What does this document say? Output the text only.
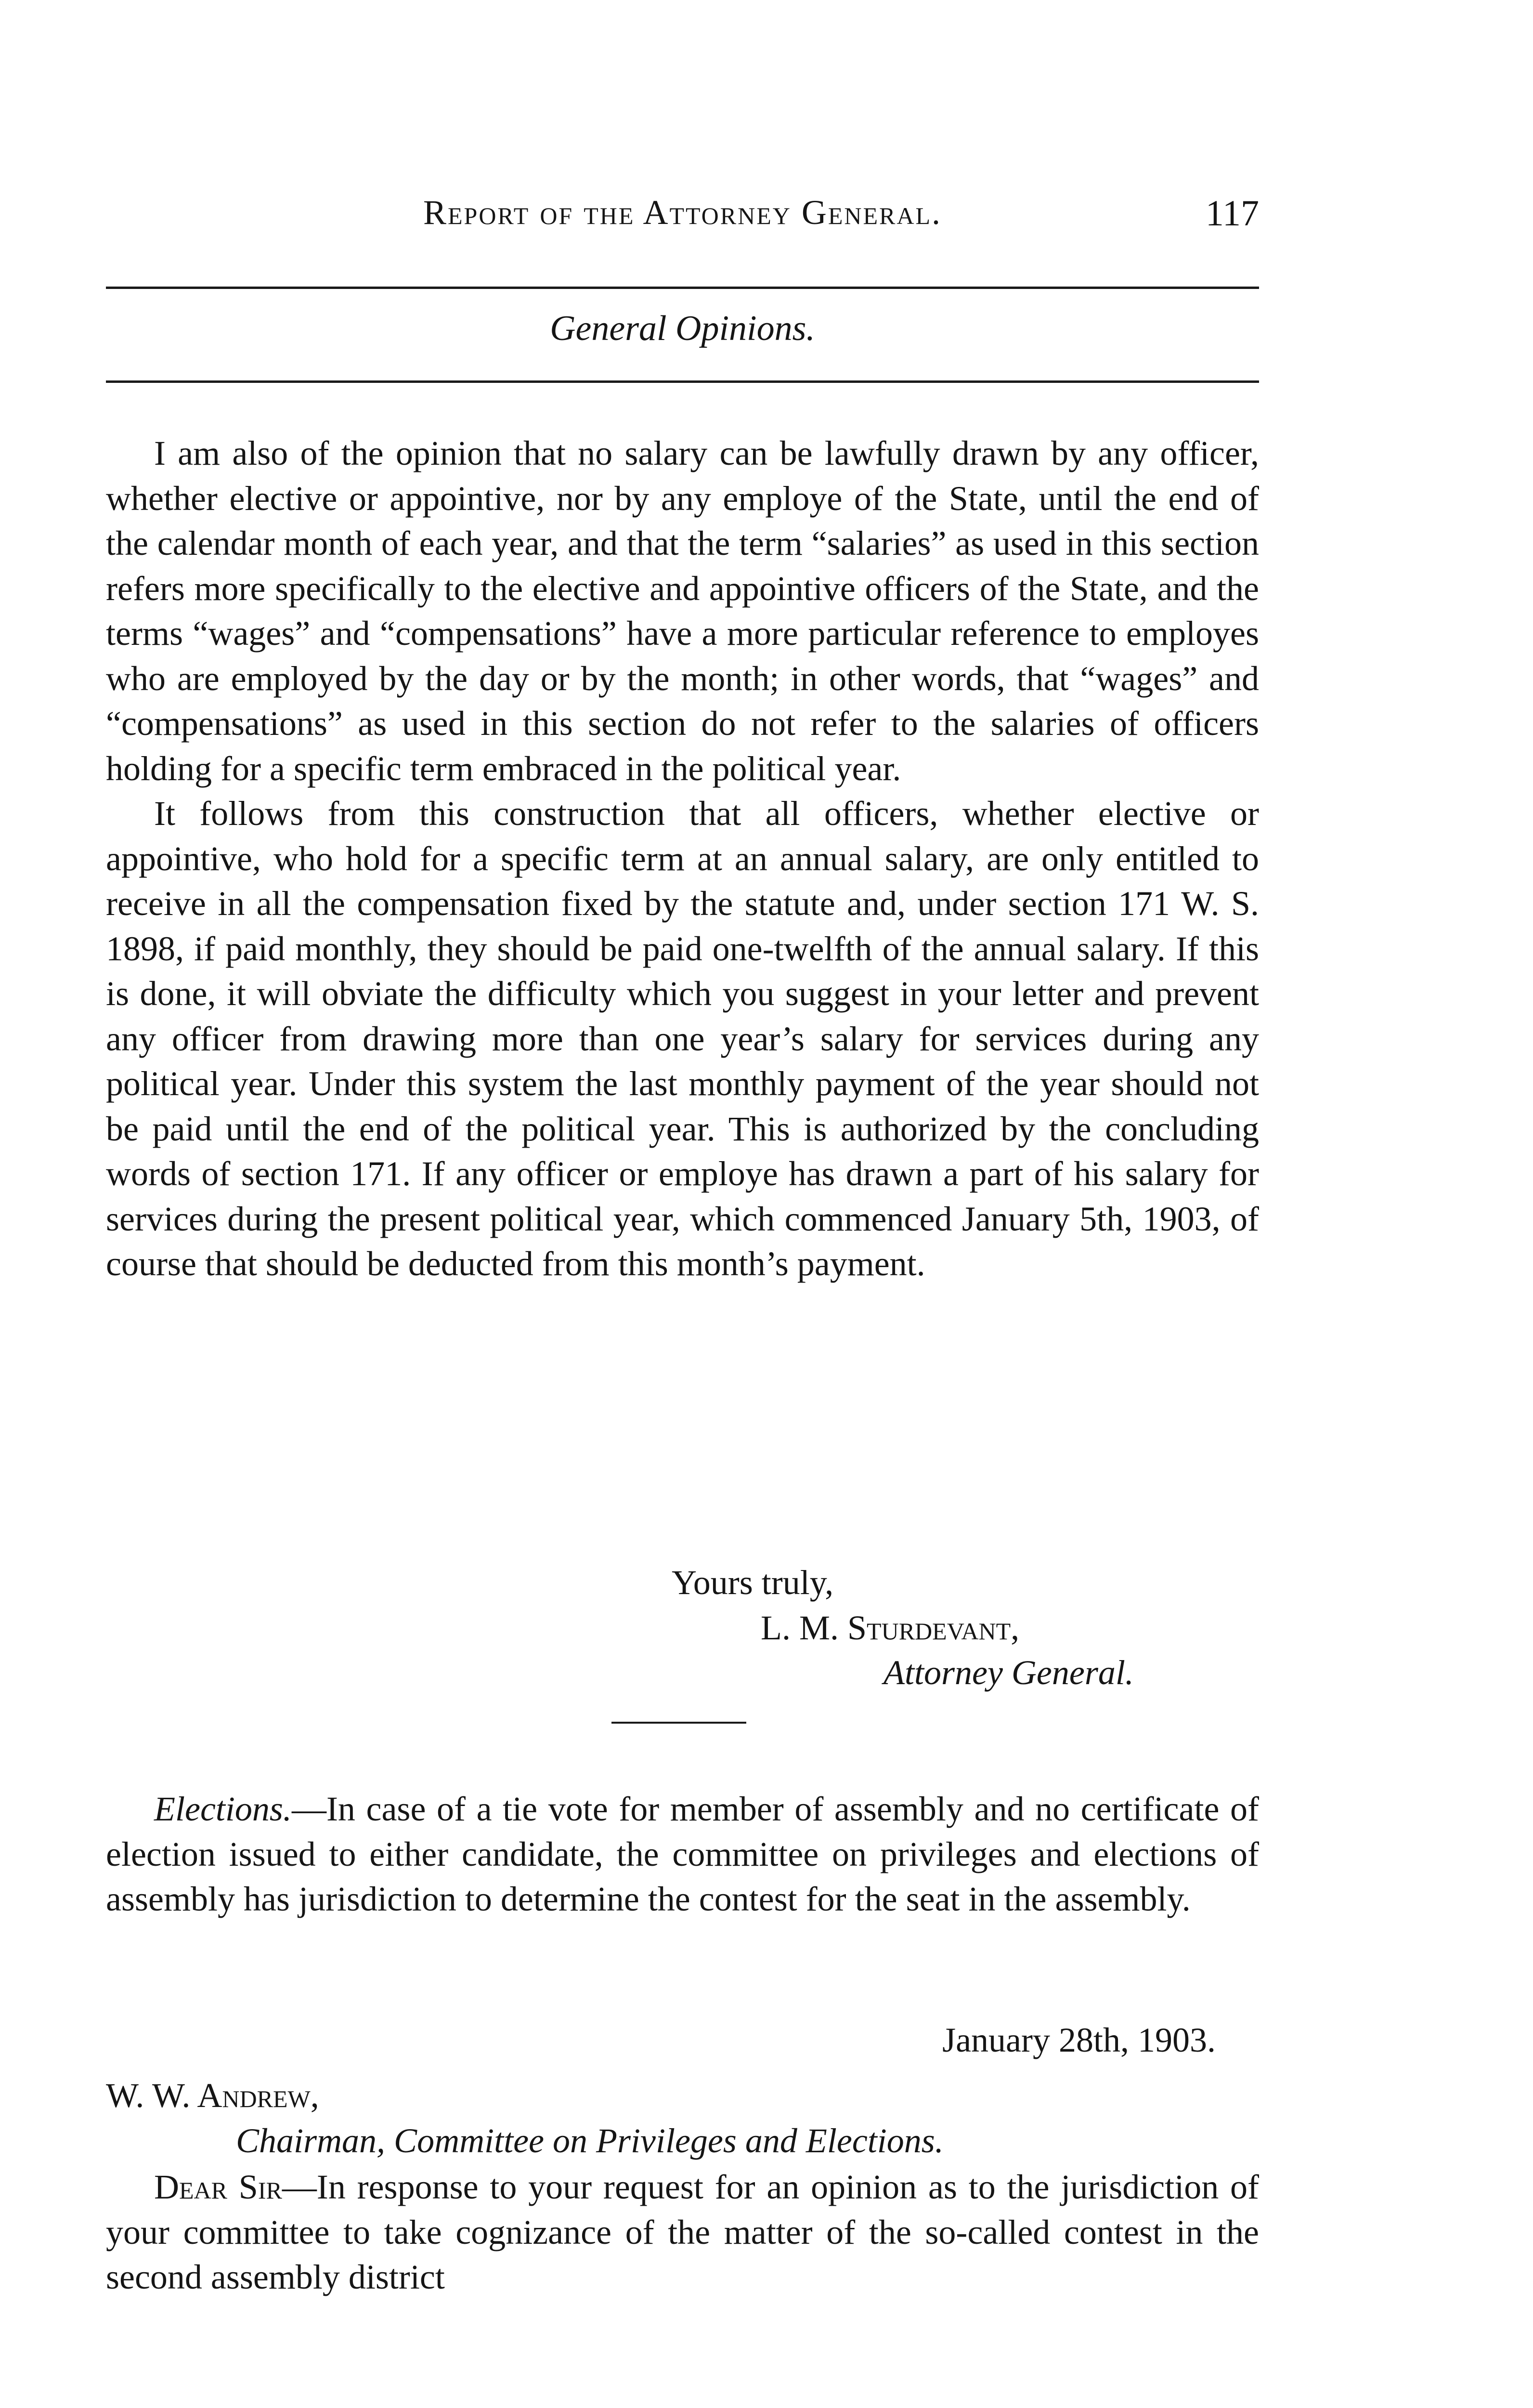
Report of the Attorney General.	117
General Opinions.

I am also of the opinion that no salary can be lawfully drawn by any officer, whether elective or appointive, nor by any employe of the State, until the end of the calendar month of each year, and that the term “salaries” as used in this section refers more specifically to the elective and appointive officers of the State, and the terms “wages” and “compensations” have a more particular reference to employes who are employed by the day or by the month; in other words, that “wages” and “compensations” as used in this section do not refer to the salaries of officers holding for a specific term embraced in the political year.

It follows from this construction that all officers, whether elective or appointive, who hold for a specific term at an annual salary, are only entitled to receive in all the compensation fixed by the statute and, under section 171 W. S. 1898, if paid monthly, they should be paid one-twelfth of the annual salary. If this is done, it will obviate the difficulty which you suggest in your letter and prevent any officer from drawing more than one year’s salary for services during any political year. Under this system the last monthly payment of the year should not be paid until the end of the political year. This is authorized by the concluding words of section 171. If any officer or employe has drawn a part of his salary for services during the present political year, which commenced January 5th, 1903, of course that should be deducted from this month’s payment.

Yours truly,
L. M. Sturdevant,
Attorney General.

Elections.—In case of a tie vote for member of assembly and no certificate of election issued to either candidate, the committee on privileges and elections of assembly has jurisdiction to determine the contest for the seat in the assembly.

January 28th, 1903.
W. W. Andrew,
Chairman, Committee on Privileges and Elections.

Dear Sir—In response to your request for an opinion as to the jurisdiction of your committee to take cognizance of the matter of the so-called contest in the second assembly district
